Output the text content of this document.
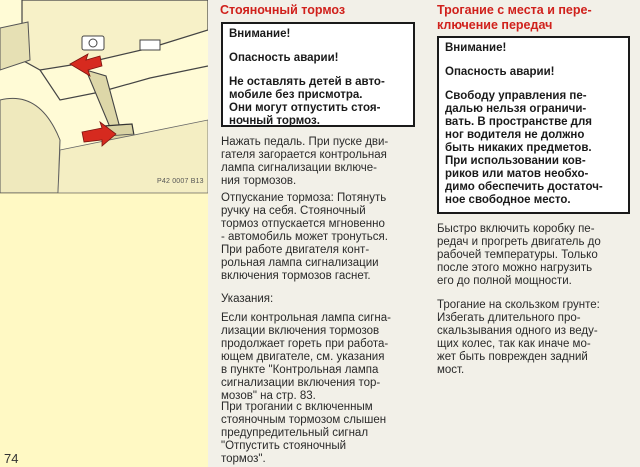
P42 0007 B13
74
Стояночный тормоз

Внимание!

Опасность аварии!

Не оставлять детей в авто-
мобиле без присмотра.
Они могут отпустить стоя-
ночный тормоз.

Нажать педаль. При пуске дви-
гателя загорается контрольная
лампа сигнализации включе-
ния тормозов.

Отпускание тормоза: Потянуть
ручку на себя. Стояночный
тормоз отпускается мгновенно
- автомобиль может тронуться.
При работе двигателя конт-
рольная лампа сигнализации
включения тормозов гаснет.

Указания:

Если контрольная лампа сигна-
лизации включения тормозов
продолжает гореть при работа-
ющем двигателе, см. указания
в пункте "Контрольная лампа
сигнализации включения тор-
мозов" на стр. 83.

При трогании с включенным
стояночным тормозом слышен
предупредительный сигнал
"Отпустить стояночный
тормоз".

Трогание с места и пере-
ключение передач

Внимание!

Опасность аварии!

Свободу управления пе-
далью нельзя ограничи-
вать. В пространстве для
ног водителя не должно
быть никаких предметов.
При использовании ков-
риков или матов необхо-
димо обеспечить достаточ-
ное свободное место.

Быстро включить коробку пе-
редач и прогреть двигатель до
рабочей температуры. Только
после этого можно нагрузить
его до полной мощности.

Трогание на скользком грунте:
Избегать длительного про-
скальзывания одного из веду-
щих колес, так как иначе мо-
жет быть поврежден задний
мост.
